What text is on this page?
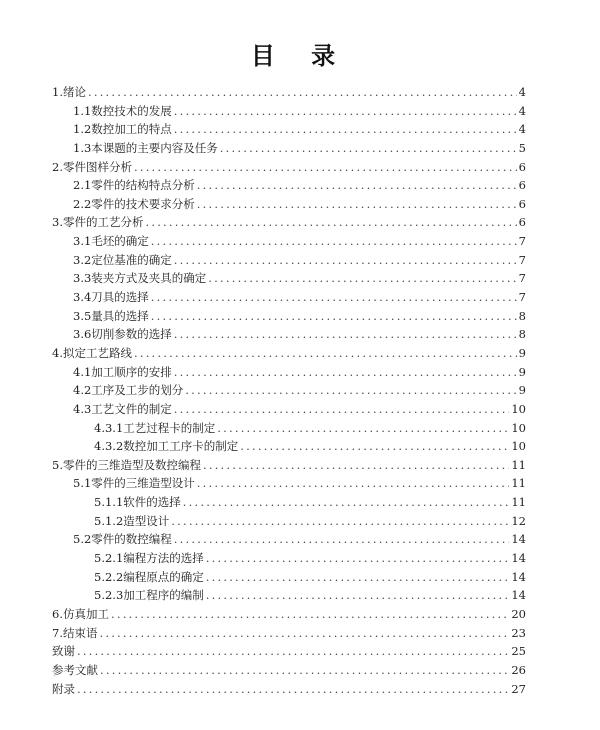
目 录
1.绪论 .....	4
1.1数控技术的发展 .....	4
1.2数控加工的特点 .....	4
1.3本课题的主要内容及任务 .....	5
2.零件图样分析 .....	6
2.1零件的结构特点分析 .....	6
2.2零件的技术要求分析 .....	6
3.零件的工艺分析 .....	6
3.1毛坯的确定 .....	7
3.2定位基准的确定 .....	7
3.3装夹方式及夹具的确定 .....	7
3.4刀具的选择 .....	7
3.5量具的选择 .....	8
3.6切削参数的选择 .....	8
4.拟定工艺路线 .....	9
4.1加工顺序的安排 .....	9
4.2工序及工步的划分 .....	9
4.3工艺文件的制定 .....	10
4.3.1工艺过程卡的制定 .....	10
4.3.2数控加工工序卡的制定 .....	10
5.零件的三维造型及数控编程 .....	11
5.1零件的三维造型设计 .....	11
5.1.1软件的选择 .....	11
5.1.2造型设计 .....	12
5.2零件的数控编程 .....	14
5.2.1编程方法的选择 .....	14
5.2.2编程原点的确定 .....	14
5.2.3加工程序的编制 .....	14
6.仿真加工 .....	20
7.结束语 .....	23
致谢 .....	25
参考文献 .....	26
附录 .....	27
